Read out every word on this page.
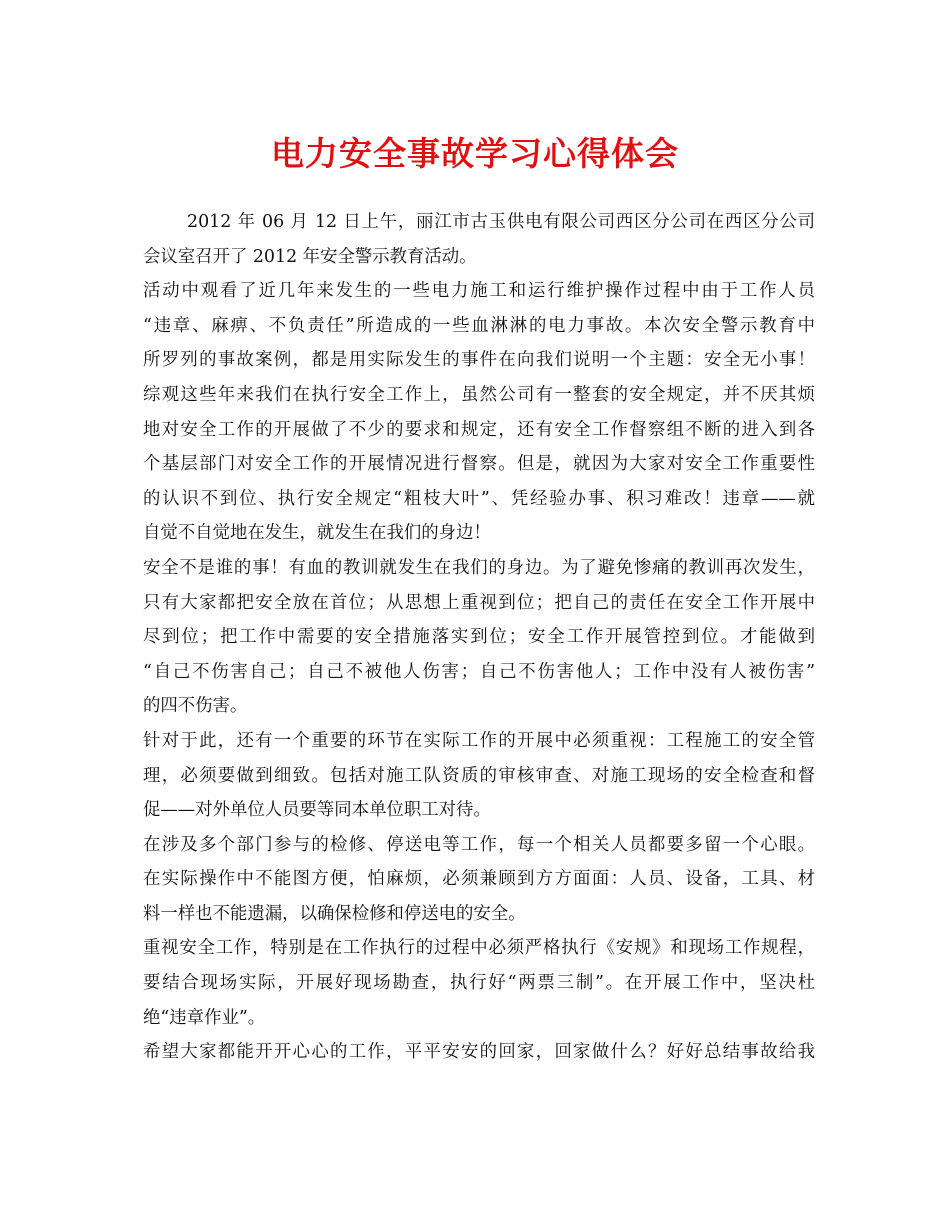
电力安全事故学习心得体会
2012 年 06 月 12 日上午，丽江市古玉供电有限公司西区分公司在西区分公司
会议室召开了 2012 年安全警示教育活动。
活动中观看了近几年来发生的一些电力施工和运行维护操作过程中由于工作人员
“违章、麻痹、不负责任”所造成的一些血淋淋的电力事故。本次安全警示教育中
所罗列的事故案例，都是用实际发生的事件在向我们说明一个主题：安全无小事！
综观这些年来我们在执行安全工作上，虽然公司有一整套的安全规定，并不厌其烦
地对安全工作的开展做了不少的要求和规定，还有安全工作督察组不断的进入到各
个基层部门对安全工作的开展情况进行督察。但是，就因为大家对安全工作重要性
的认识不到位、执行安全规定“粗枝大叶”、凭经验办事、积习难改！违章——就
自觉不自觉地在发生，就发生在我们的身边！
安全不是谁的事！有血的教训就发生在我们的身边。为了避免惨痛的教训再次发生，
只有大家都把安全放在首位；从思想上重视到位；把自己的责任在安全工作开展中
尽到位；把工作中需要的安全措施落实到位；安全工作开展管控到位。才能做到
“自己不伤害自己；自己不被他人伤害；自己不伤害他人；工作中没有人被伤害”
的四不伤害。
针对于此，还有一个重要的环节在实际工作的开展中必须重视：工程施工的安全管
理，必须要做到细致。包括对施工队资质的审核审查、对施工现场的安全检查和督
促——对外单位人员要等同本单位职工对待。
在涉及多个部门参与的检修、停送电等工作，每一个相关人员都要多留一个心眼。
在实际操作中不能图方便，怕麻烦，必须兼顾到方方面面：人员、设备，工具、材
料一样也不能遗漏，以确保检修和停送电的安全。
重视安全工作，特别是在工作执行的过程中必须严格执行《安规》和现场工作规程，
要结合现场实际，开展好现场勘查，执行好“两票三制”。在开展工作中，坚决杜
绝“违章作业”。
希望大家都能开开心心的工作，平平安安的回家，回家做什么？好好总结事故给我
